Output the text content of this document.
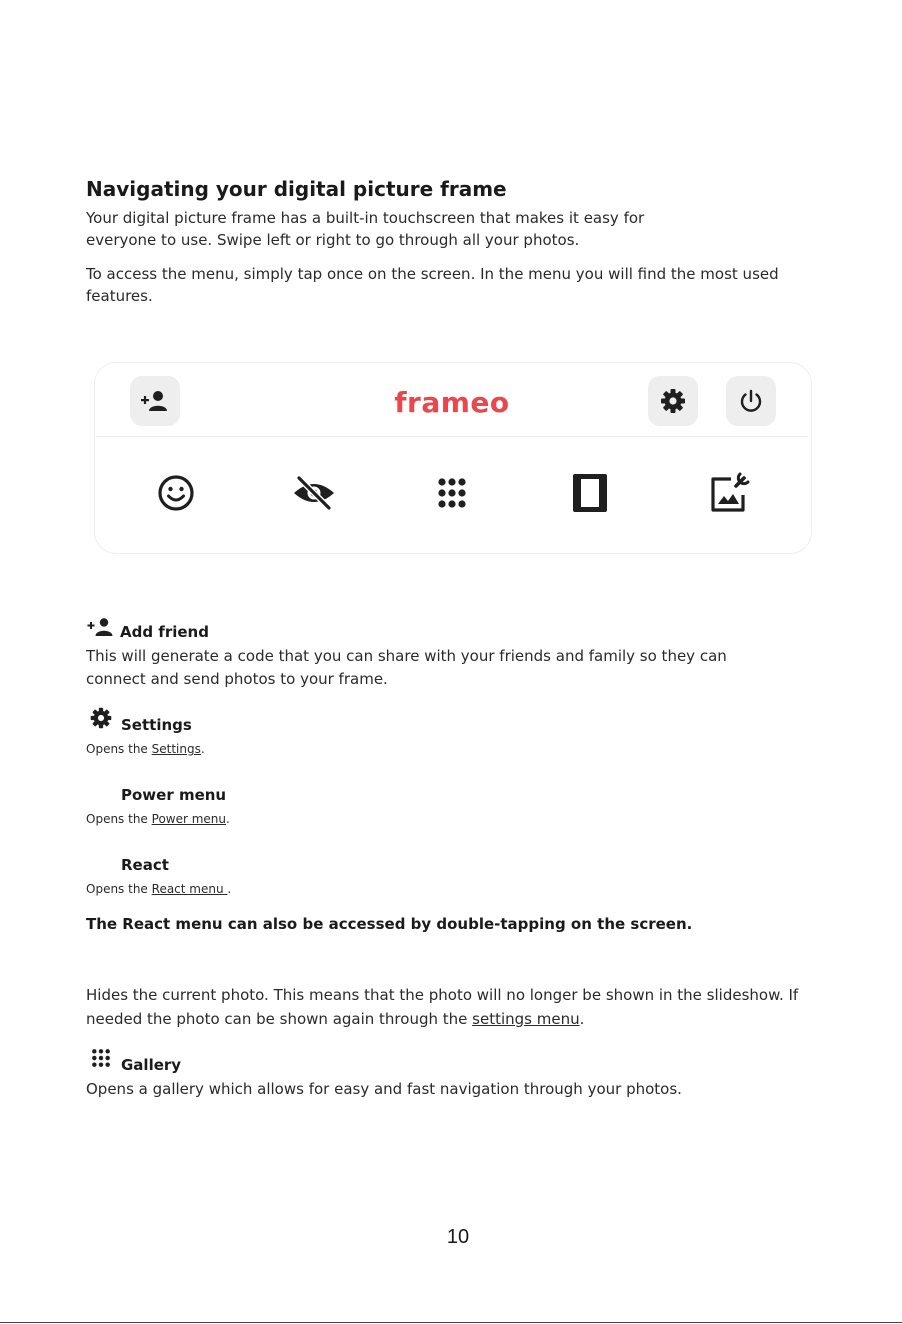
Navigating your digital picture frame
Your digital picture frame has a built-in touchscreen that makes it easy for
everyone to use. Swipe left or right to go through all your photos.
To access the menu, simply tap once on the screen. In the menu you will find the most used
features.
frameo
Add friend
This will generate a code that you can share with your friends and family so they can
connect and send photos to your frame.
Settings
Opens the Settings.
Power menu
Opens the Power menu.
React
Opens the React menu .
The React menu can also be accessed by double-tapping on the screen.
Hides the current photo. This means that the photo will no longer be shown in the slideshow. If
needed the photo can be shown again through the settings menu.
Gallery
Opens a gallery which allows for easy and fast navigation through your photos.
10
